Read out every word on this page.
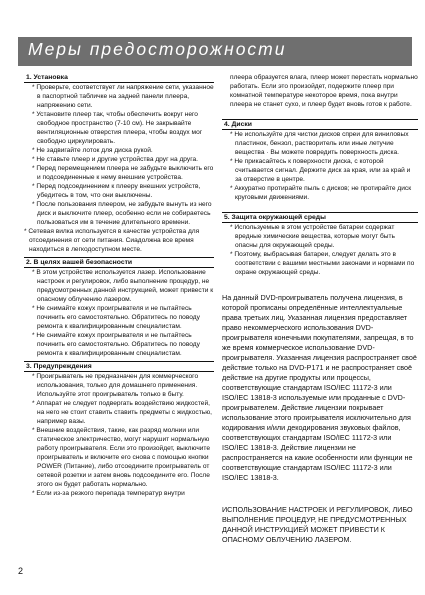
Меры предосторожности
1. Установка

* Проверьте, соответствует ли напряжение сети, указанное в паспортной табличке на задней панели плеера, напряжению сети.

* Установите плеер так, чтобы обеспечить вокруг него свободное пространство (7-10 см). Не закрывайте вентиляционные отверстия плеера, чтобы воздух мог свободно циркулировать.

* Не задвигайте лоток для диска рукой.

* Не ставьте плеер и другие устройства друг на друга.

* Перед перемещением плеера не забудьте выключить его и подсоединенные к нему внешние устройства.

* Перед подсоединением к плееру внешних устройств, убедитесь в том, что они выключены.

* После пользования плеером, не забудьте вынуть из него диск и выключите плеер, особенно если не собираетесь пользоваться им в течение длительного времени.

* Сетевая вилка используется в качестве устройства для отсоединения от сети питания. Сиадолжна все время находиться в легкодоступном месте.

2. В целях вашей безопасности

* В этом устройстве используется лазер. Использование настроек и регулировок, либо выполнение процедур, не предусмотренных данной инструкцией, может привести к опасному облучению лазером.

* Не снимайте кожух проигрывателя и не пытайтесь починить его самостоятельно. Обратитесь по поводу ремонта к квалифицированным специалистам.

* Не снимайте кожух проигрывателя и не пытайтесь починить его самостоятельно. Обратитесь по поводу ремонта к квалифицированным специалистам.

3. Предупреждения

* Проигрыватель не предназначен для коммерческого использования, только для домашнего применения. Используйте этот проигрыватель только в быту.

* Аппарат не следует подвергать воздействию жидкостей, на него не стоит ставить ставить предметы с жидкостью, например вазы.

* Внешние воздействия, такие, как разряд молнии или статическое электричество, могут нарушит нормальную работу проигрывателя. Если это произойдет, выключите проигрыватель и включите его снова с помощью кнопки POWER (Питание), либо отсоедините проигрыватель от сетевой розетки и затем вновь подсоедините его. После этого он будет работать нормально.

* Если из-за резкого перепада температур внутри

плеера образуется влага, плеер может перестать нормально работать. Если это произойдет, подержите плеер при комнатной температуре некоторое время, пока внутри плеера не станет сухо, и плеер будет вновь готов к работе.

4. Диски

* Не используйте для чистки дисков спреи для виниловых пластинок, бензол, растворитель или иные летучие вещества · Вы можете повредить поверхность диска.

* Не прикасайтесь к поверхности диска, с которой считывается сигнал. Держите диск за края, или за край и за отверстие в центре.

* Аккуратно протирайте пыль с дисков; не протирайте диск круговыми движениями.

5. Защита окружающей среды

* Используемые в этом устройстве батареи содержат вредные химические вещества, которые могут быть опасны для окружающей среды.

* Поэтому, выбрасывая батареи, следует делать это в соответствии с вашими местными законами и нормами по охране окружающей среды.

На данный DVD-проигрыватель получена лицензия, в которой прописаны определённые интеллектуальные права третьих лиц. Указанная лицензия предоставляет право некоммерческого использования DVD-проигрывателя конечными покупателями, запрещая, в то же время коммерческое использование DVD-проигрывателя. Указанная лицензия распространяет своё действие только на DVD-P171 и не распространяет своё действие на другие продукты или процессы, соответствующие стандартам ISO/IEC 11172-3 или ISO/IEC 13818-3 используемые или проданные с DVD-проигрывателем. Действие лицензии покрывает использование этого проигрывателя исключительно для кодирования и/или декодирования звуковых файлов, соответствующих стандартам ISO/IEC 11172-3 или ISO/IEC 13818-3. Действие лицензии не распространяется на какие особенности или функции не соответствующие стандартам ISO/IEC 11172-3 или ISO/IEC 13818-3.

ИСПОЛЬЗОВАНИЕ НАСТРОЕК И РЕГУЛИРОВОК, ЛИБО ВЫПОЛНЕНИЕ ПРОЦЕДУР, НЕ ПРЕДУСМОТРЕННЫХ ДАННОЙ ИНСТРУКЦИЕЙ МОЖЕТ ПРИВЕСТИ К ОПАСНОМУ ОБЛУЧЕНИЮ ЛАЗЕРОМ.

2
